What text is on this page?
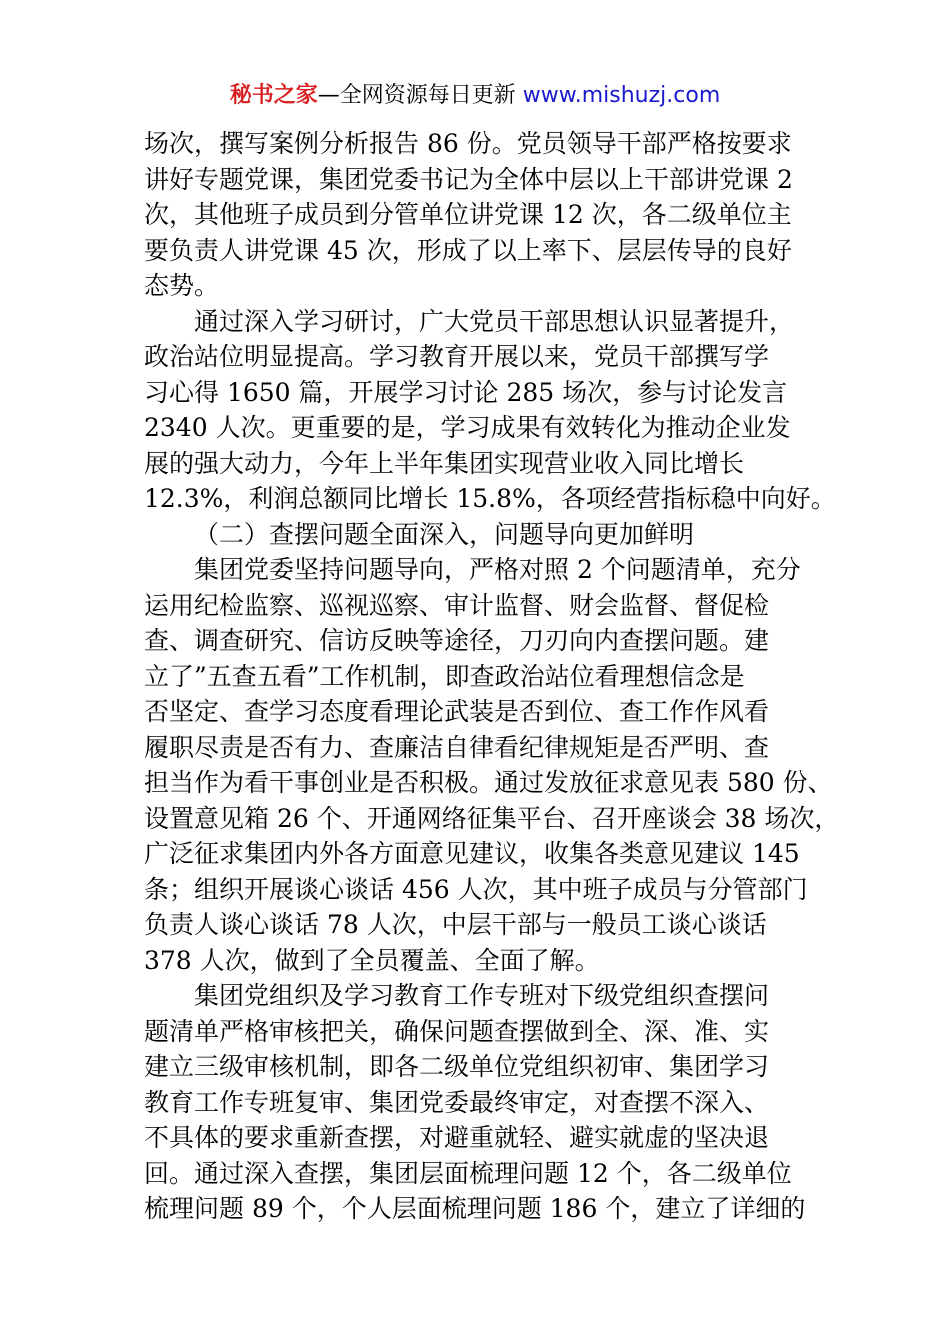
秘书之家—全网资源每日更新 www.mishuzj.com
场次，撰写案例分析报告 86 份。党员领导干部严格按要求
讲好专题党课，集团党委书记为全体中层以上干部讲党课 2
次，其他班子成员到分管单位讲党课 12 次，各二级单位主
要负责人讲党课 45 次，形成了以上率下、层层传导的良好
态势。
通过深入学习研讨，广大党员干部思想认识显著提升，
政治站位明显提高。学习教育开展以来，党员干部撰写学
习心得 1650 篇，开展学习讨论 285 场次，参与讨论发言
2340 人次。更重要的是，学习成果有效转化为推动企业发
展的强大动力，今年上半年集团实现营业收入同比增长
12.3%，利润总额同比增长 15.8%，各项经营指标稳中向好。
（二）查摆问题全面深入，问题导向更加鲜明
集团党委坚持问题导向，严格对照 2 个问题清单，充分
运用纪检监察、巡视巡察、审计监督、财会监督、督促检
查、调查研究、信访反映等途径，刀刃向内查摆问题。建
立了”五查五看”工作机制，即查政治站位看理想信念是
否坚定、查学习态度看理论武装是否到位、查工作作风看
履职尽责是否有力、查廉洁自律看纪律规矩是否严明、查
担当作为看干事创业是否积极。通过发放征求意见表 580 份、
设置意见箱 26 个、开通网络征集平台、召开座谈会 38 场次，
广泛征求集团内外各方面意见建议，收集各类意见建议 145
条；组织开展谈心谈话 456 人次，其中班子成员与分管部门
负责人谈心谈话 78 人次，中层干部与一般员工谈心谈话
378 人次，做到了全员覆盖、全面了解。
集团党组织及学习教育工作专班对下级党组织查摆问
题清单严格审核把关，确保问题查摆做到全、深、准、实
建立三级审核机制，即各二级单位党组织初审、集团学习
教育工作专班复审、集团党委最终审定，对查摆不深入、
不具体的要求重新查摆，对避重就轻、避实就虚的坚决退
回。通过深入查摆，集团层面梳理问题 12 个，各二级单位
梳理问题 89 个，个人层面梳理问题 186 个，建立了详细的
